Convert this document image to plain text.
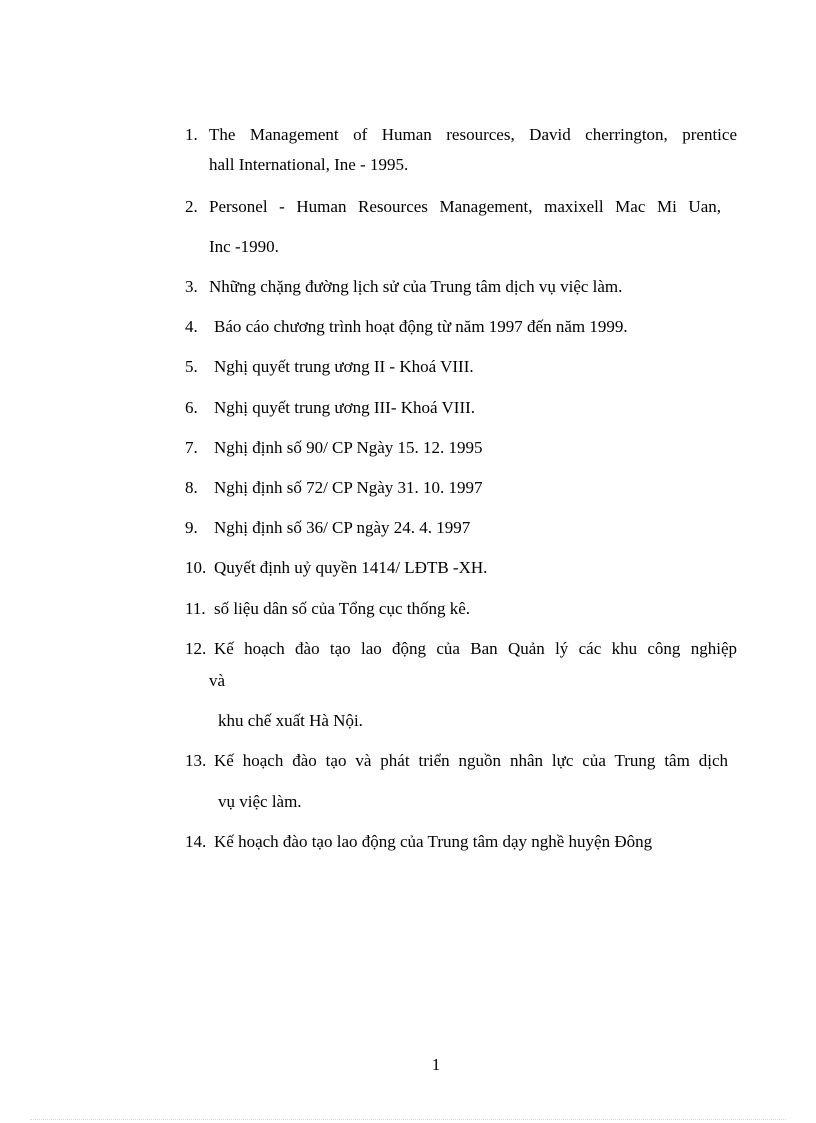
1. The Management of Human resources, David cherrington, prentice
hall International, Ine - 1995.
2. Personel - Human Resources Management, maxixell Mac Mi Uan,
Inc -1990.
3. Những chặng đường lịch sử của Trung tâm dịch vụ việc làm.
4. Báo cáo chương trình hoạt động từ năm 1997 đến năm 1999.
5. Nghị quyết trung ương II - Khoá VIII.
6. Nghị quyết trung ương III- Khoá VIII.
7. Nghị định số 90/ CP Ngày 15. 12. 1995
8. Nghị định số 72/ CP Ngày 31. 10. 1997
9. Nghị định số 36/ CP ngày 24. 4. 1997
10. Quyết định uỷ quyền 1414/ LĐTB -XH.
11. số liệu dân số của Tổng cục thống kê.
12. Kế hoạch đào tạo lao động của Ban Quản lý các khu công nghiệp
và
khu chế xuất Hà Nội.
13. Kế hoạch đào tạo và phát triển nguồn nhân lực của Trung tâm dịch
vụ việc làm.
14. Kế hoạch đào tạo lao động của Trung tâm dạy nghề huyện Đông
1
